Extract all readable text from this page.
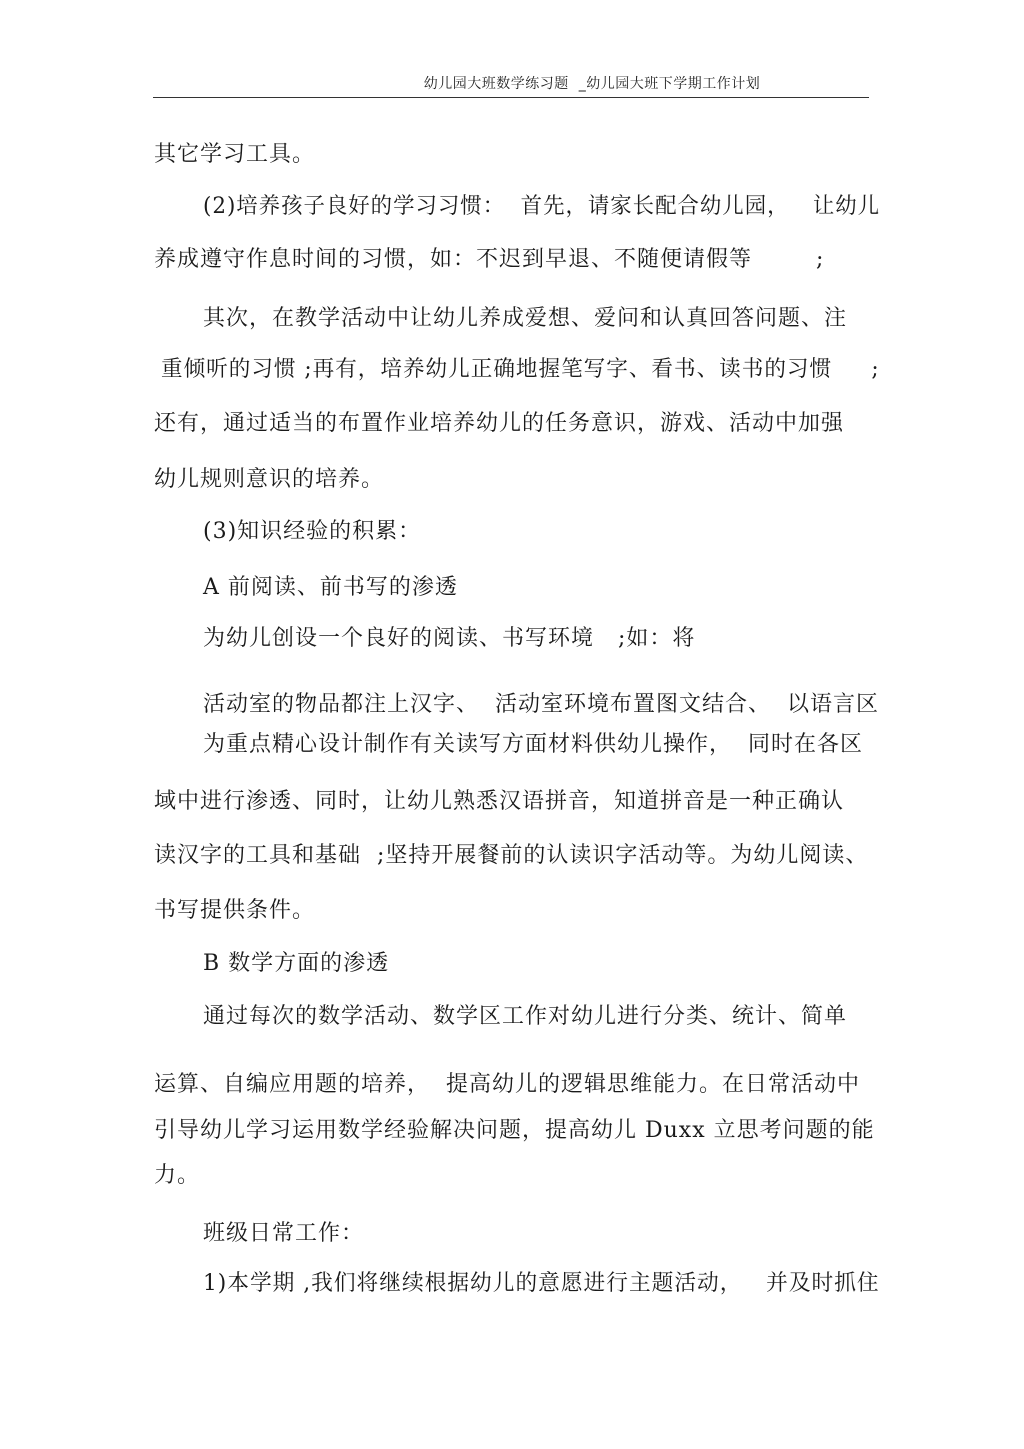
幼儿园大班数学练习题  _幼儿园大班下学期工作计划
其它学习工具。
(2)培养孩子良好的学习习惯：  首先，请家长配合幼儿园，   让幼儿
养成遵守作息时间的习惯，如：不迟到早退、不随便请假等        ;
其次，在教学活动中让幼儿养成爱想、爱问和认真回答问题、注
重倾听的习惯 ;再有，培养幼儿正确地握笔写字、看书、读书的习惯     ;
还有，通过适当的布置作业培养幼儿的任务意识，游戏、活动中加强
幼儿规则意识的培养。
(3)知识经验的积累：
A 前阅读、前书写的渗透
为幼儿创设一个良好的阅读、书写环境   ;如：将
活动室的物品都注上汉字、  活动室环境布置图文结合、  以语言区
为重点精心设计制作有关读写方面材料供幼儿操作，  同时在各区
域中进行渗透、同时，让幼儿熟悉汉语拼音，知道拼音是一种正确认
读汉字的工具和基础  ;坚持开展餐前的认读识字活动等。为幼儿阅读、
书写提供条件。
B 数学方面的渗透
通过每次的数学活动、数学区工作对幼儿进行分类、统计、简单
运算、自编应用题的培养，  提高幼儿的逻辑思维能力。在日常活动中
引导幼儿学习运用数学经验解决问题，提高幼儿 Duxx 立思考问题的能
力。
班级日常工作：
1)本学期 ,我们将继续根据幼儿的意愿进行主题活动，   并及时抓住
